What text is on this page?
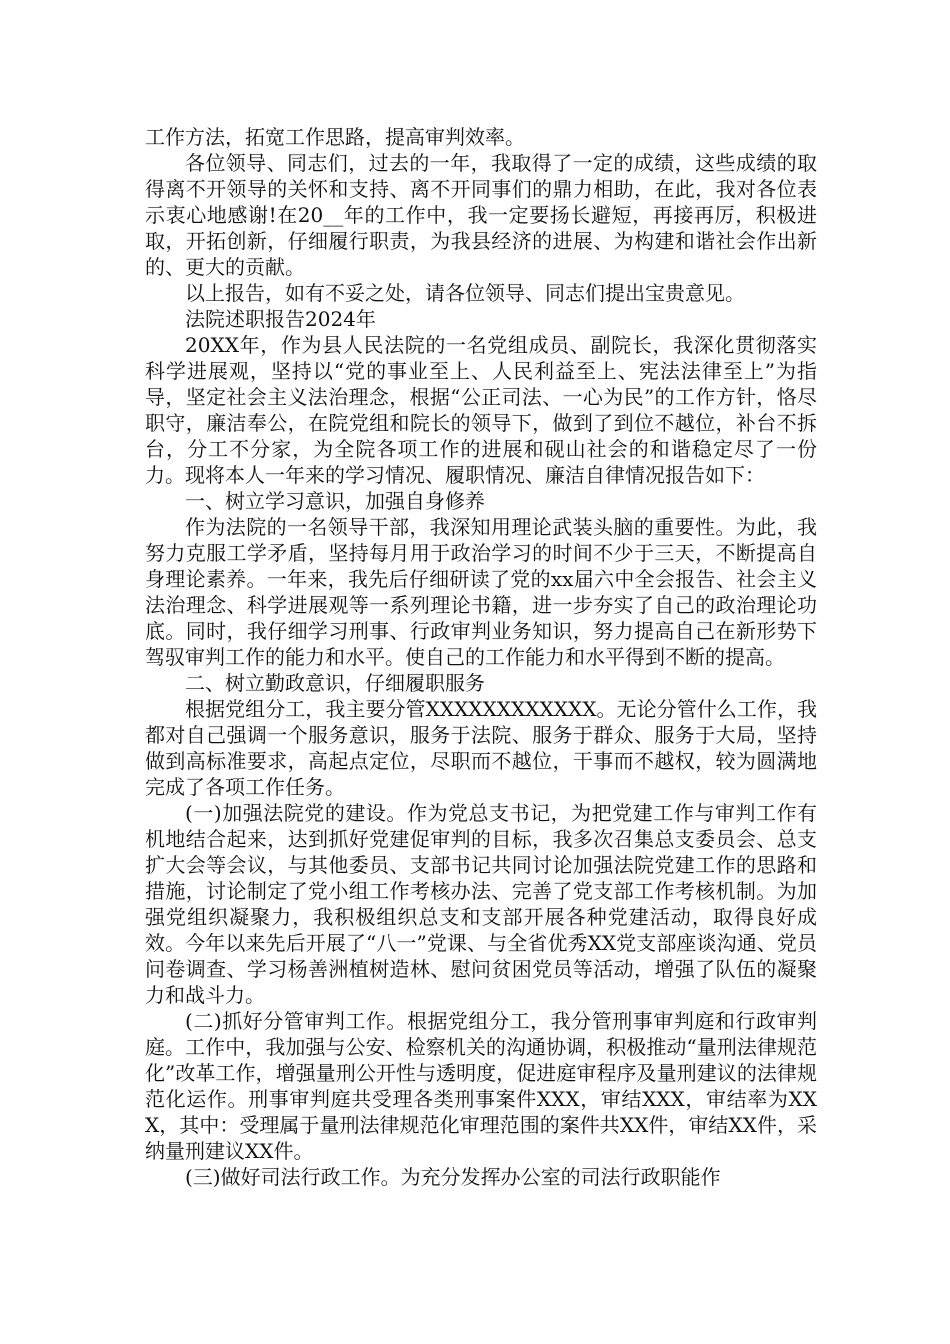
工作方法，拓宽工作思路，提高审判效率。

各位领导、同志们，过去的一年，我取得了一定的成绩，这些成绩的取得离不开领导的关怀和支持、离不开同事们的鼎力相助，在此，我对各位表示衷心地感谢!在20__年的工作中，我一定要扬长避短，再接再厉，积极进取，开拓创新，仔细履行职责，为我县经济的进展、为构建和谐社会作出新的、更大的贡献。

以上报告，如有不妥之处，请各位领导、同志们提出宝贵意见。

法院述职报告2024年

20XX年，作为县人民法院的一名党组成员、副院长，我深化贯彻落实科学进展观，坚持以“党的事业至上、人民利益至上、宪法法律至上”为指导，坚定社会主义法治理念，根据“公正司法、一心为民”的工作方针，恪尽职守，廉洁奉公，在院党组和院长的领导下，做到了到位不越位，补台不拆台，分工不分家，为全院各项工作的进展和砚山社会的和谐稳定尽了一份力。现将本人一年来的学习情况、履职情况、廉洁自律情况报告如下：

一、树立学习意识，加强自身修养

作为法院的一名领导干部，我深知用理论武装头脑的重要性。为此，我努力克服工学矛盾，坚持每月用于政治学习的时间不少于三天，不断提高自身理论素养。一年来，我先后仔细研读了党的xx届六中全会报告、社会主义法治理念、科学进展观等一系列理论书籍，进一步夯实了自己的政治理论功底。同时，我仔细学习刑事、行政审判业务知识，努力提高自己在新形势下驾驭审判工作的能力和水平。使自己的工作能力和水平得到不断的提高。

二、树立勤政意识，仔细履职服务

根据党组分工，我主要分管XXXXXXXXXXXX。无论分管什么工作，我都对自己强调一个服务意识，服务于法院、服务于群众、服务于大局，坚持做到高标准要求，高起点定位，尽职而不越位，干事而不越权，较为圆满地完成了各项工作任务。

(一)加强法院党的建设。作为党总支书记，为把党建工作与审判工作有机地结合起来，达到抓好党建促审判的目标，我多次召集总支委员会、总支扩大会等会议，与其他委员、支部书记共同讨论加强法院党建工作的思路和措施，讨论制定了党小组工作考核办法、完善了党支部工作考核机制。为加强党组织凝聚力，我积极组织总支和支部开展各种党建活动，取得良好成效。今年以来先后开展了“八一”党课、与全省优秀XX党支部座谈沟通、党员问卷调查、学习杨善洲植树造林、慰问贫困党员等活动，增强了队伍的凝聚力和战斗力。

(二)抓好分管审判工作。根据党组分工，我分管刑事审判庭和行政审判庭。工作中，我加强与公安、检察机关的沟通协调，积极推动“量刑法律规范化”改革工作，增强量刑公开性与透明度，促进庭审程序及量刑建议的法律规范化运作。刑事审判庭共受理各类刑事案件XXX，审结XXX，审结率为XXX，其中：受理属于量刑法律规范化审理范围的案件共XX件，审结XX件，采纳量刑建议XX件。

(三)做好司法行政工作。为充分发挥办公室的司法行政职能作
